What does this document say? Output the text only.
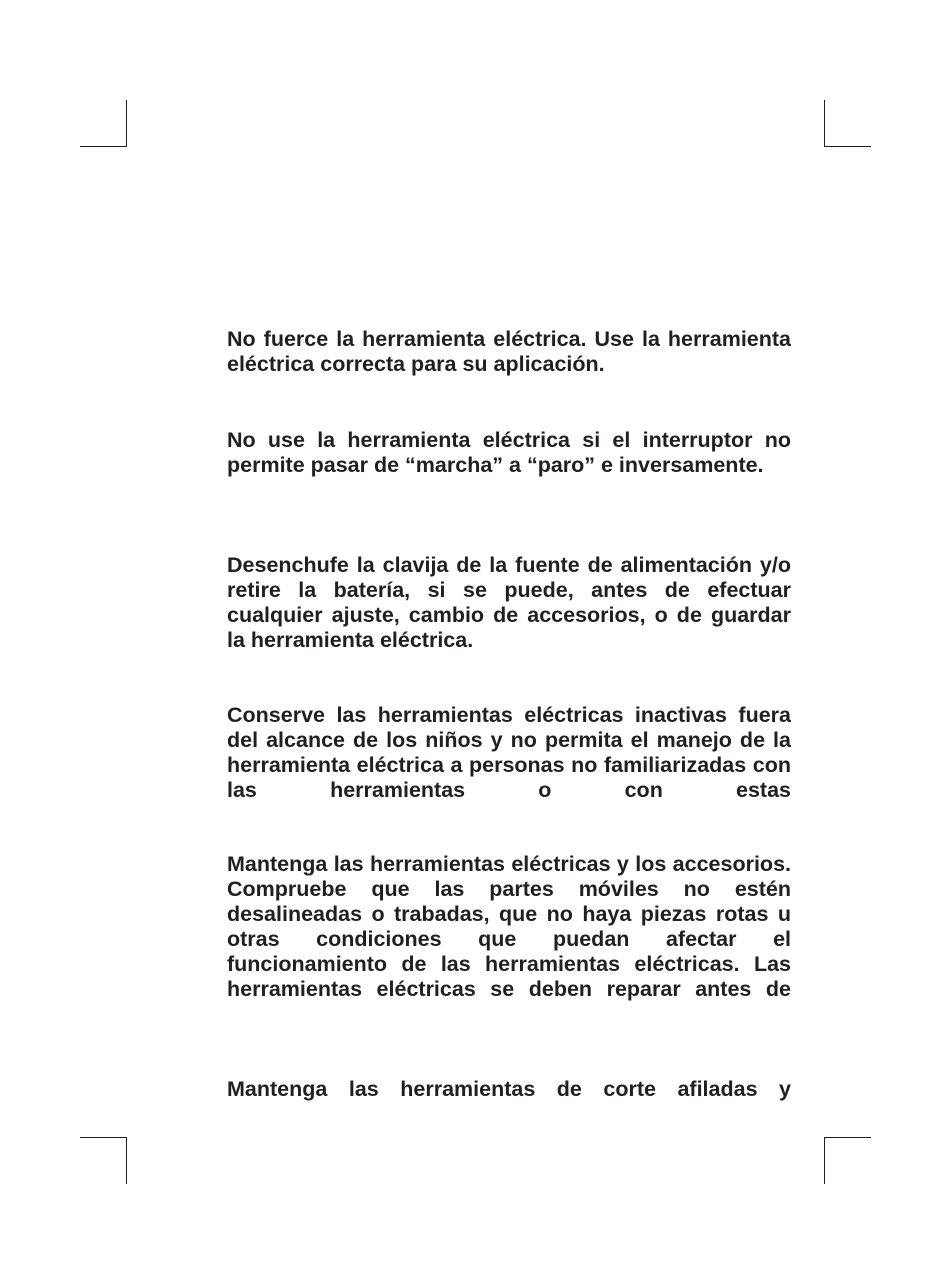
No fuerce la herramienta eléctrica. Use la herramienta eléctrica correcta para su aplicación.

No use la herramienta eléctrica si el interruptor no permite pasar de “marcha” a “paro” e inversamente.

Desenchufe la clavija de la fuente de alimentación y/o retire la batería, si se puede, antes de efectuar cualquier ajuste, cambio de accesorios, o de guardar la herramienta eléctrica.

Conserve las herramientas eléctricas inactivas fuera del alcance de los niños y no permita el manejo de la herramienta eléctrica a personas no familiarizadas con las herramientas o con estas

Mantenga las herramientas eléctricas y los accesorios. Compruebe que las partes móviles no estén desalineadas o trabadas, que no haya piezas rotas u otras condiciones que puedan afectar el funcionamiento de las herramientas eléctricas. Las herramientas eléctricas se deben reparar antes de

Mantenga las herramientas de corte afiladas y
